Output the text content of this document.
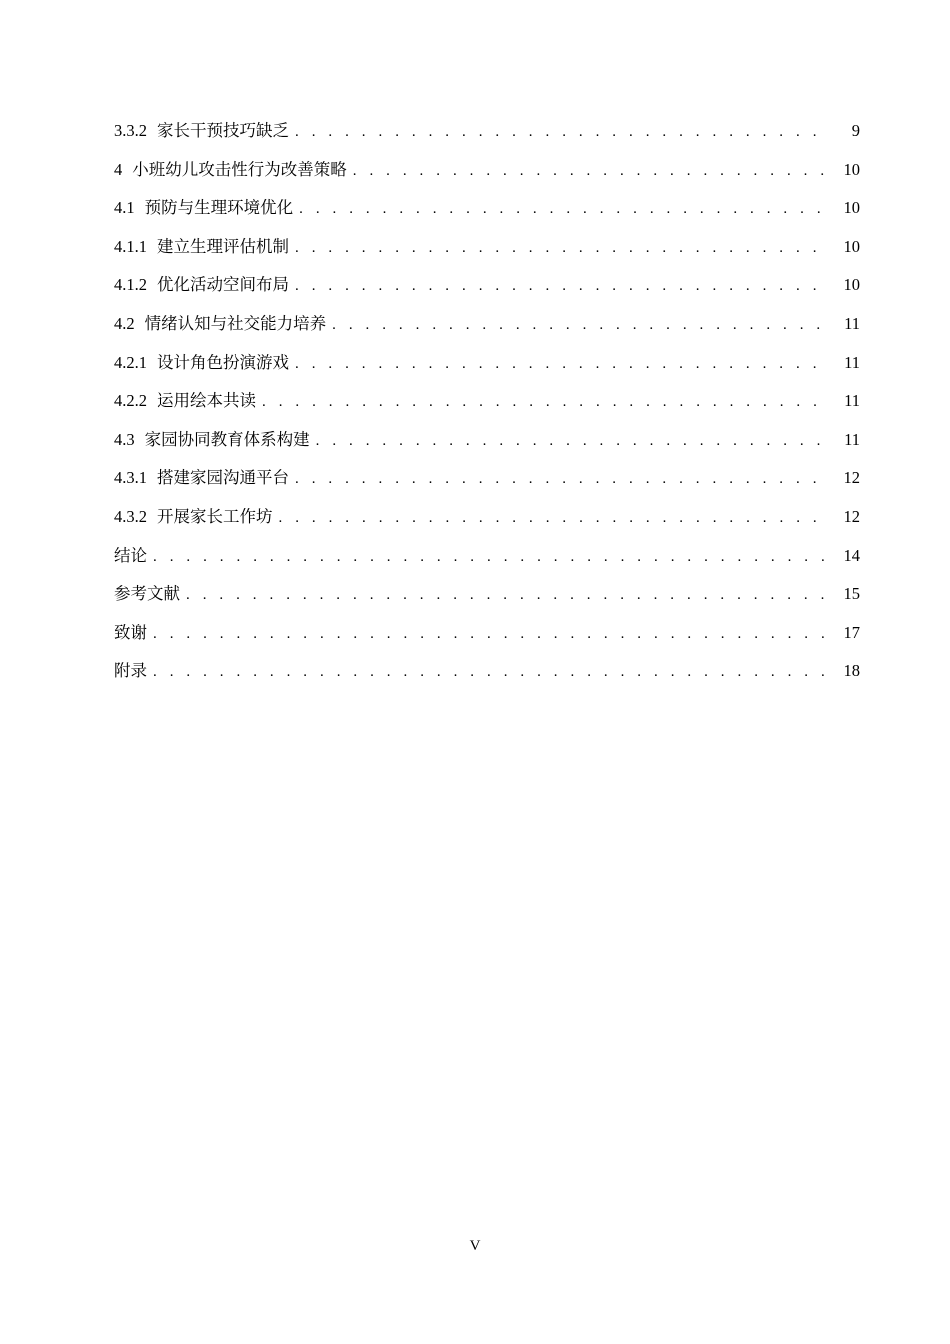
3.3.2 家长干预技巧缺乏 . . .	9
4 小班幼儿攻击性行为改善策略 . . .	10
4.1 预防与生理环境优化 . . .	10
4.1.1 建立生理评估机制 . . .	10
4.1.2 优化活动空间布局 . . .	10
4.2 情绪认知与社交能力培养 . . .	11
4.2.1 设计角色扮演游戏 . . .	11
4.2.2 运用绘本共读 . . .	11
4.3 家园协同教育体系构建 . . .	11
4.3.1 搭建家园沟通平台 . . .	12
4.3.2 开展家长工作坊 . . .	12
结论 . . .	14
参考文献 . . .	15
致谢 . . .	17
附录 . . .	18
V
